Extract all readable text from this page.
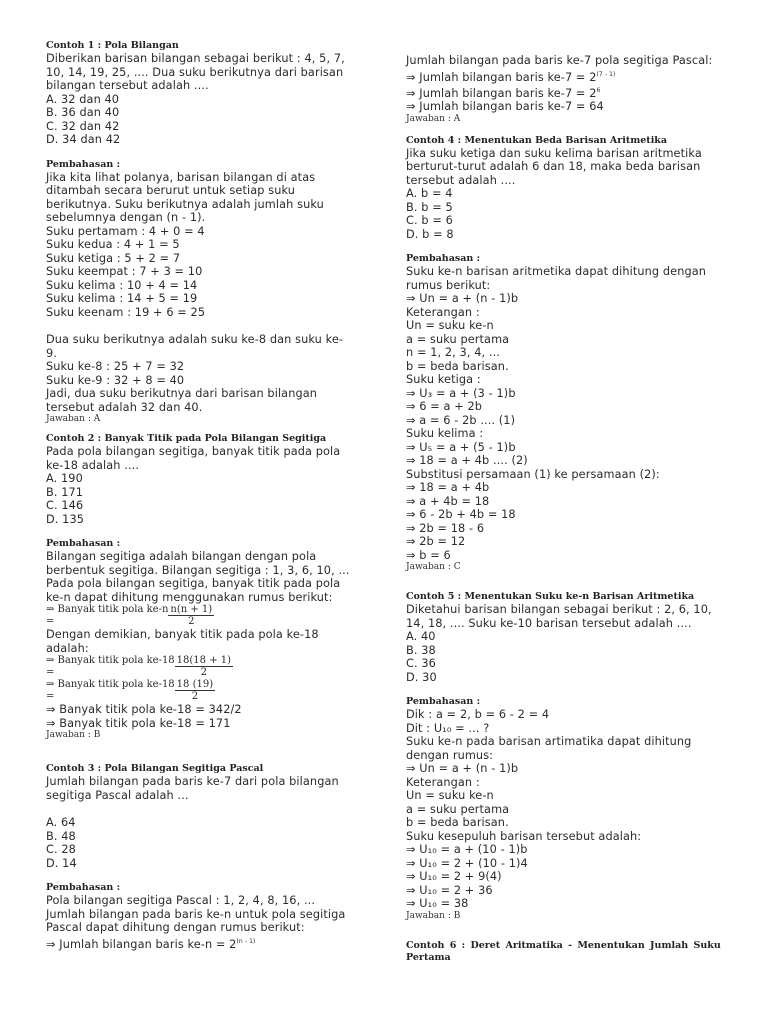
Contoh 1 : Pola Bilangan
Diberikan barisan bilangan sebagai berikut : 4, 5, 7,
10, 14, 19, 25, .... Dua suku berikutnya dari barisan
bilangan tersebut adalah ....
A. 32 dan 40
B. 36 dan 40
C. 32 dan 42
D. 34 dan 42
Pembahasan :
Jika kita lihat polanya, barisan bilangan di atas
ditambah secara berurut untuk setiap suku
berikutnya. Suku berikutnya adalah jumlah suku
sebelumnya dengan (n - 1).
Suku pertamam : 4 + 0 = 4
Suku kedua : 4 + 1 = 5
Suku ketiga : 5 + 2 = 7
Suku keempat : 7 + 3 = 10
Suku kelima : 10 + 4 = 14
Suku kelima : 14 + 5 = 19
Suku keenam : 19 + 6 = 25
Dua suku berikutnya adalah suku ke-8 dan suku ke-
9.
Suku ke-8 : 25 + 7 = 32
Suku ke-9 : 32 + 8 = 40
Jadi, dua suku berikutnya dari barisan bilangan
tersebut adalah 32 dan 40.
Jawaban : A
Contoh 2 : Banyak Titik pada Pola Bilangan Segitiga
Pada pola bilangan segitiga, banyak titik pada pola
ke-18 adalah ....
A. 190
B. 171
C. 146
D. 135
Pembahasan :
Bilangan segitiga adalah bilangan dengan pola
berbentuk segitiga. Bilangan segitiga : 1, 3, 6, 10, ...
Pada pola bilangan segitiga, banyak titik pada pola
ke-n dapat dihitung menggunakan rumus berikut:
⇒ Banyak titik pola $ke-n \frac{n(n + 1)}{2}$
=
Dengan demikian, banyak titik pada pola ke-18
adalah:
⇒ Banyak titik pola $ke-18 \frac{18(18 + 1)}{2}$
=
⇒ Banyak titik pola $ke-18 \frac{18 (19)}{2}$
=
⇒ Banyak titik pola ke-18 = 342/2
⇒ Banyak titik pola ke-18 = 171
Jawaban : B
Contoh 3 : Pola Bilangan Segitiga Pascal
Jumlah bilangan pada baris ke-7 dari pola bilangan
segitiga Pascal adalah ...
A. 64
B. 48
C. 28
D. 14
Pembahasan :
Pola bilangan segitiga Pascal : 1, 2, 4, 8, 16, ...
Jumlah bilangan pada baris ke-n untuk pola segitiga
Pascal dapat dihitung dengan rumus berikut:
⇒ Jumlah bilangan baris $ke-n = 2^{(n - 1)}$
Jumlah bilangan pada baris ke-7 pola segitiga Pascal:
⇒ Jumlah bilangan baris $ke-7 = 2^{(7 - 1)}$
⇒ Jumlah bilangan baris $ke-7 = 2^6$
⇒ Jumlah bilangan baris ke-7 = 64
Jawaban : A
Contoh 4 : Menentukan Beda Barisan Aritmetika
Jika suku ketiga dan suku kelima barisan aritmetika
berturut-turut adalah 6 dan 18, maka beda barisan
tersebut adalah ....
A. b = 4
B. b = 5
C. b = 6
D. b = 8
Pembahasan :
Suku ke-n barisan aritmetika dapat dihitung dengan
rumus berikut:
⇒ Un = a + (n - 1)b
Keterangan :
Un = suku ke-n
a = suku pertama
n = 1, 2, 3, 4, ...
b = beda barisan.
Suku ketiga :
⇒ U₃ = a + (3 - 1)b
⇒ 6 = a + 2b
⇒ a = 6 - 2b .... (1)
Suku kelima :
⇒ U₅ = a + (5 - 1)b
⇒ 18 = a + 4b .... (2)
Substitusi persamaan (1) ke persamaan (2):
⇒ 18 = a + 4b
⇒ a + 4b = 18
⇒ 6 - 2b + 4b = 18
⇒ 2b = 18 - 6
⇒ 2b = 12
⇒ b = 6
Jawaban : C
Contoh 5 : Menentukan Suku ke-n Barisan Aritmetika
Diketahui barisan bilangan sebagai berikut : 2, 6, 10,
14, 18, .... Suku ke-10 barisan tersebut adalah ....
A. 40
B. 38
C. 36
D. 30
Pembahasan :
Dik : a = 2, b = 6 - 2 = 4
Dit : U₁₀ = ... ?
Suku ke-n pada barisan artimatika dapat dihitung
dengan rumus:
⇒ Un = a + (n - 1)b
Keterangan :
Un = suku ke-n
a = suku pertama
b = beda barisan.
Suku kesepuluh barisan tersebut adalah:
⇒ U₁₀ = a + (10 - 1)b
⇒ U₁₀ = 2 + (10 - 1)4
⇒ U₁₀ = 2 + 9(4)
⇒ U₁₀ = 2 + 36
⇒ U₁₀ = 38
Jawaban : B
Contoh 6 : Deret Aritmatika - Menentukan Jumlah Suku
Pertama
